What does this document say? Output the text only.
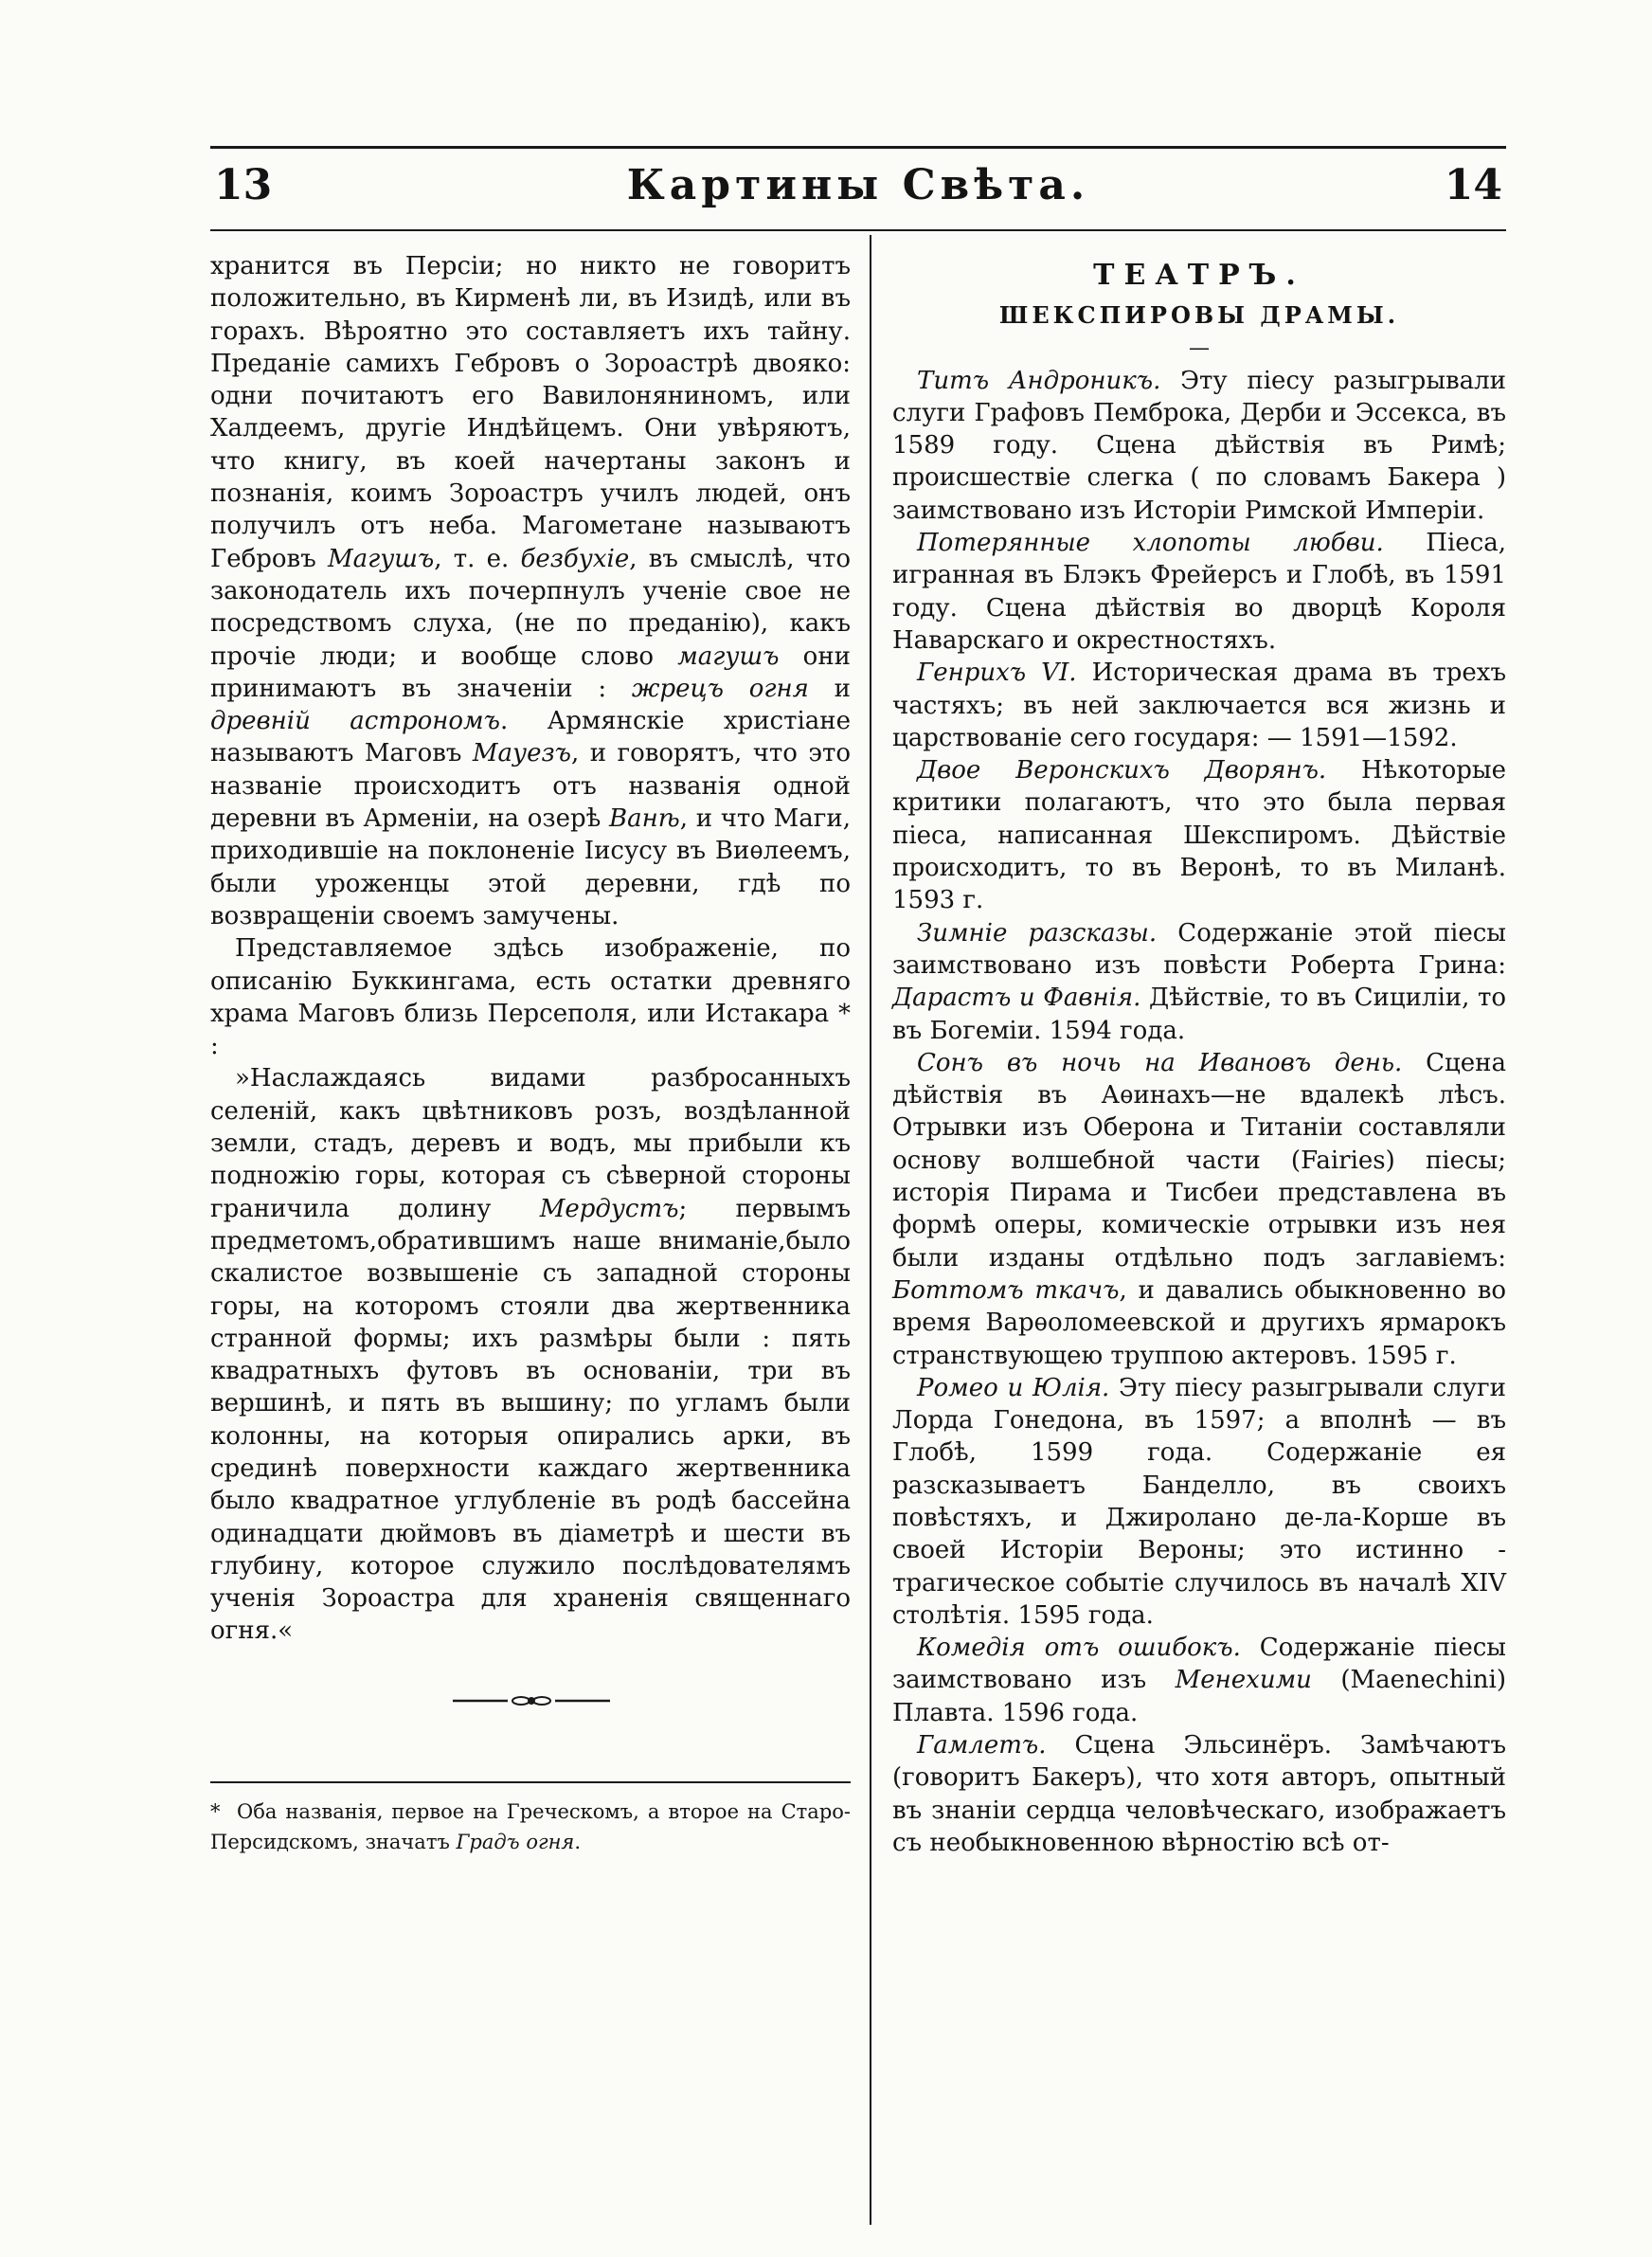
13	Картины Свѣта.	14

хранится въ Персіи; но никто не говоритъ положительно, въ Кирменѣ ли, въ Изидѣ, или въ горахъ. Вѣроятно это составляетъ ихъ тайну. Преданіе самихъ Гебровъ о Зороастрѣ двояко: одни почитаютъ его Вавилоняниномъ, или Халдеемъ, другіе Индѣйцемъ. Они увѣряютъ, что книгу, въ коей начертаны законъ и познанія, коимъ Зороастръ училъ людей, онъ получилъ отъ неба. Магометане называютъ Гебровъ Магушъ, т. е. безбухіе, въ смыслѣ, что законодатель ихъ почерпнулъ ученіе свое не посредствомъ слуха, (не по преданію), какъ прочіе люди; и вообще слово магушъ они принимаютъ въ значеніи : жрецъ огня и древній астрономъ. Армянскіе христіане называютъ Маговъ Мауезъ, и говорятъ, что это названіе происходитъ отъ названія одной деревни въ Арменіи, на озерѣ Ванѣ, и что Маги, приходившіе на поклоненіе Іисусу въ Виѳлеемъ, были уроженцы этой деревни, гдѣ по возвращеніи своемъ замучены.

Представляемое здѣсь изображеніе, по описанію Буккингама, есть остатки древняго храма Маговъ близь Персеполя, или Истакара * :

»Наслаждаясь видами разбросанныхъ селеній, какъ цвѣтниковъ розъ, воздѣланной земли, стадъ, деревъ и водъ, мы прибыли къ подножію горы, которая съ сѣверной стороны граничила долину Мердустъ; первымъ предметомъ,обратившимъ наше вниманіе,было скалистое возвышеніе съ западной стороны горы, на которомъ стояли два жертвенника странной формы; ихъ размѣры были : пять квадратныхъ футовъ въ основаніи, три въ вершинѣ, и пять въ вышину; по угламъ были колонны, на которыя опирались арки, въ срединѣ поверхности каждаго жертвенника было квадратное углубленіе въ родѣ бассейна одинадцати дюймовъ въ діаметрѣ и шести въ глубину, которое служило послѣдователямъ ученія Зороастра для храненія священнаго огня.«

* Оба названія, первое на Греческомъ, а второе на Старо-Персидскомъ, значатъ Градъ огня.
ТЕАТРЪ.
ШЕКСПИРОВЫ ДРАМЫ.
—

Титъ Андроникъ. Эту піесу разыгрывали слуги Графовъ Пемброка, Дерби и Эссекса, въ 1589 году. Сцена дѣйствія въ Римѣ; происшествіе слегка ( по словамъ Бакера ) заимствовано изъ Исторіи Римской Имперіи.

Потерянные хлопоты любви. Піеса, игранная въ Блэкъ Фрейерсъ и Глобѣ, въ 1591 году. Сцена дѣйствія во дворцѣ Короля Наварскаго и окрестностяхъ.

Генрихъ VI. Историческая драма въ трехъ частяхъ; въ ней заключается вся жизнь и царствованіе сего государя: — 1591—1592.

Двое Веронскихъ Дворянъ. Нѣкоторые критики полагаютъ, что это была первая піеса, написанная Шекспиромъ. Дѣйствіе происходитъ, то въ Веронѣ, то въ Миланѣ. 1593 г.

Зимніе разсказы. Содержаніе этой піесы заимствовано изъ повѣсти Роберта Грина: Дарастъ и Фавнія. Дѣйствіе, то въ Сициліи, то въ Богеміи. 1594 года.

Сонъ въ ночь на Ивановъ день. Сцена дѣйствія въ Аѳинахъ—не вдалекѣ лѣсъ. Отрывки изъ Оберона и Титаніи составляли основу волшебной части (Fairies) піесы; исторія Пирама и Тисбеи представлена въ формѣ оперы, комическіе отрывки изъ нея были изданы отдѣльно подъ заглавіемъ: Боттомъ ткачъ, и давались обыкновенно во время Варѳоломеевской и другихъ ярмарокъ странствующею труппою актеровъ. 1595 г.

Ромео и Юлія. Эту піесу разыгрывали слуги Лорда Гонедона, въ 1597; а вполнѣ — въ Глобѣ, 1599 года. Содержаніе ея разсказываетъ Банделло, въ своихъ повѣстяхъ, и Джиролано де-ла-Корше въ своей Исторіи Вероны; это истинно - трагическое событіе случилось въ началѣ XIV столѣтія. 1595 года.

Комедія отъ ошибокъ. Содержаніе піесы заимствовано изъ Менехими (Maenechini) Плавтa. 1596 года.

Гамлетъ. Сцена Эльсинёръ. Замѣчаютъ (говоритъ Бакеръ), что хотя авторъ, опытный въ знаніи сердца человѣческаго, изображаетъ съ необыкновенною вѣрностію всѣ от-
